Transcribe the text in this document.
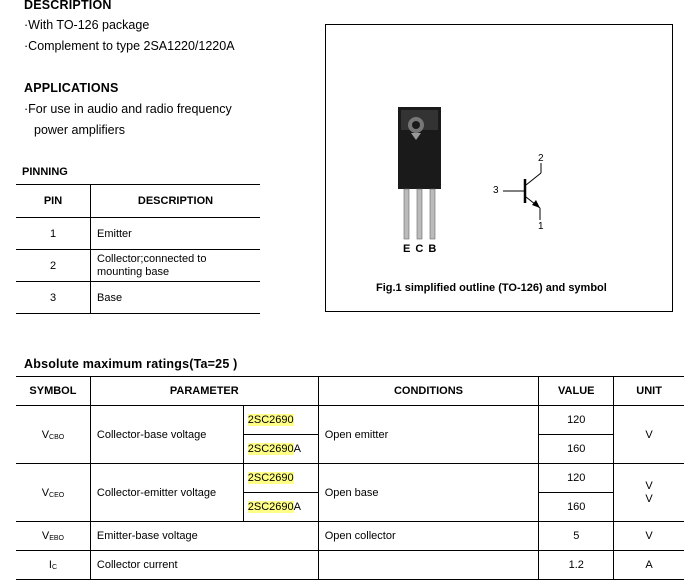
DESCRIPTION
·With TO-126 package
·Complement to type 2SA1220/1220A
APPLICATIONS
·For use in audio and radio frequency
power amplifiers
PINNING
PIN	DESCRIPTION
1	Emitter
2	Collector;connected to
mounting base

3	Base
E C B
2
3
1
Fig.1 simplified outline (TO-126) and symbol
Absolute maximum ratings(Ta=25 )
SYMBOL	PARAMETER		CONDITIONS	VALUE	UNIT
$V_{CBO}$	Collector-base voltage	2SC2690	Open emitter	120	V
		2SC2690A		160	
$V_{CEO}$	Collector-emitter voltage	2SC2690	Open base	120	V
V

		2SC2690A		160	
$V_{EBO}$	Emitter-base voltage		Open collector	5	V
$I_C$	Collector current			1.2	A
